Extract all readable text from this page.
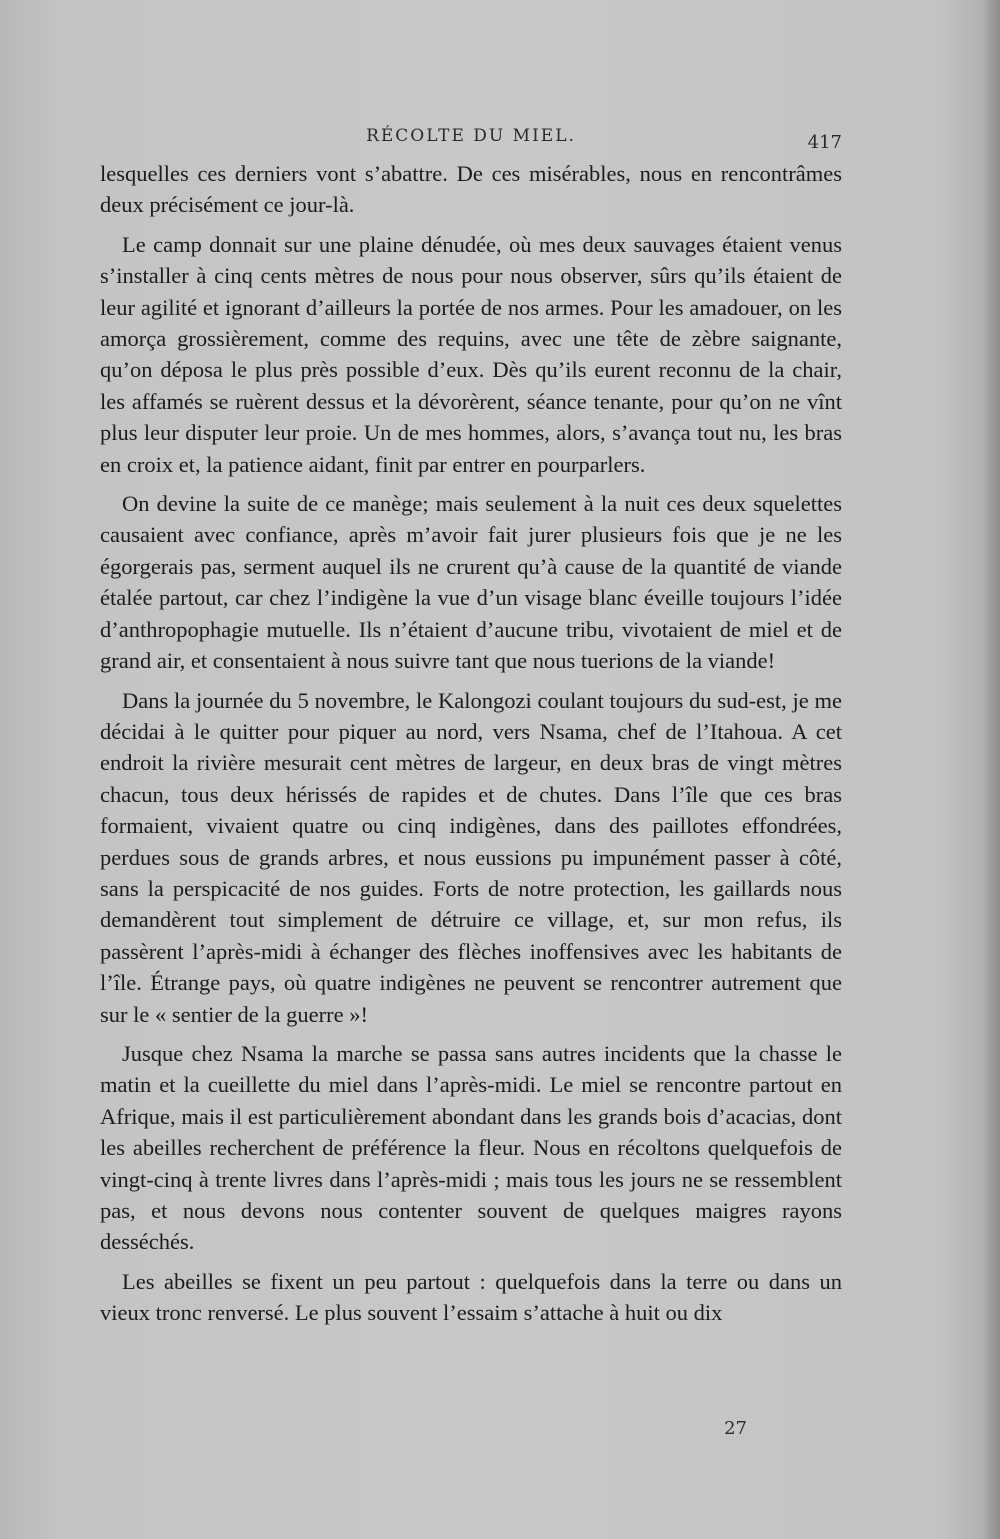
RÉCOLTE DU MIEL.	417

lesquelles ces derniers vont s’abattre. De ces misérables, nous en rencontrâmes deux précisément ce jour-là.

Le camp donnait sur une plaine dénudée, où mes deux sauvages étaient venus s’installer à cinq cents mètres de nous pour nous observer, sûrs qu’ils étaient de leur agilité et ignorant d’ailleurs la portée de nos armes. Pour les amadouer, on les amorça grossièrement, comme des requins, avec une tête de zèbre saignante, qu’on déposa le plus près possible d’eux. Dès qu’ils eurent reconnu de la chair, les affamés se ruèrent dessus et la dévorèrent, séance tenante, pour qu’on ne vînt plus leur disputer leur proie. Un de mes hommes, alors, s’avança tout nu, les bras en croix et, la patience aidant, finit par entrer en pourparlers.

On devine la suite de ce manège; mais seulement à la nuit ces deux squelettes causaient avec confiance, après m’avoir fait jurer plusieurs fois que je ne les égorgerais pas, serment auquel ils ne crurent qu’à cause de la quantité de viande étalée partout, car chez l’indigène la vue d’un visage blanc éveille toujours l’idée d’anthropophagie mutuelle. Ils n’étaient d’aucune tribu, vivotaient de miel et de grand air, et consentaient à nous suivre tant que nous tuerions de la viande!

Dans la journée du 5 novembre, le Kalongozi coulant toujours du sud-est, je me décidai à le quitter pour piquer au nord, vers Nsama, chef de l’Itahoua. A cet endroit la rivière mesurait cent mètres de largeur, en deux bras de vingt mètres chacun, tous deux hérissés de rapides et de chutes. Dans l’île que ces bras formaient, vivaient quatre ou cinq indigènes, dans des paillotes effondrées, perdues sous de grands arbres, et nous eussions pu impunément passer à côté, sans la perspicacité de nos guides. Forts de notre protection, les gaillards nous demandèrent tout simplement de détruire ce village, et, sur mon refus, ils passèrent l’après-midi à échanger des flèches inoffensives avec les habitants de l’île. Étrange pays, où quatre indigènes ne peuvent se rencontrer autrement que sur le « sentier de la guerre »!

Jusque chez Nsama la marche se passa sans autres incidents que la chasse le matin et la cueillette du miel dans l’après-midi. Le miel se rencontre partout en Afrique, mais il est particulièrement abondant dans les grands bois d’acacias, dont les abeilles recherchent de préférence la fleur. Nous en récoltons quelquefois de vingt-cinq à trente livres dans l’après-midi ; mais tous les jours ne se ressemblent pas, et nous devons nous contenter souvent de quelques maigres rayons desséchés.

Les abeilles se fixent un peu partout : quelquefois dans la terre ou dans un vieux tronc renversé. Le plus souvent l’essaim s’attache à huit ou dix

27
